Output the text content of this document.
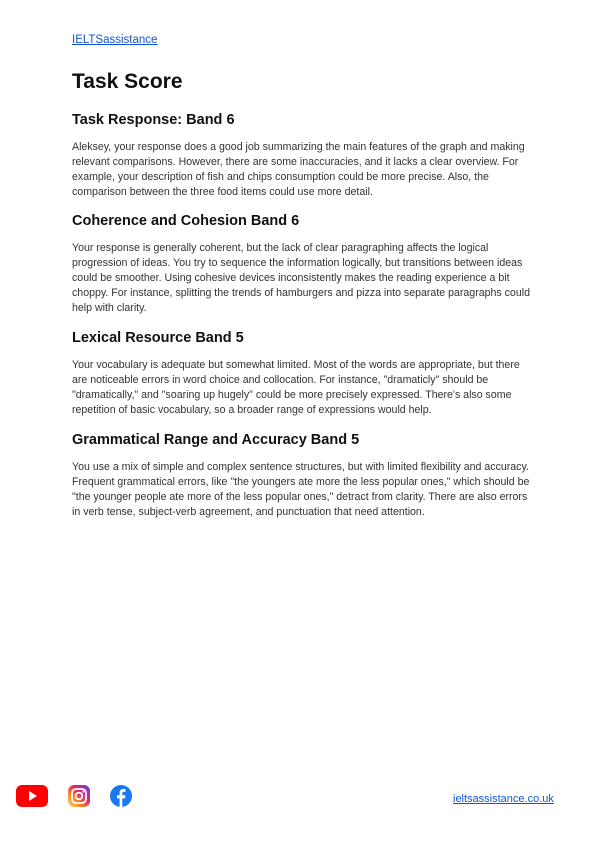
IELTSassistance
Task Score
Task Response: Band 6

Aleksey, your response does a good job summarizing the main features of the graph and making relevant comparisons. However, there are some inaccuracies, and it lacks a clear overview. For example, your description of fish and chips consumption could be more precise. Also, the comparison between the three food items could use more detail.

Coherence and Cohesion Band 6

Your response is generally coherent, but the lack of clear paragraphing affects the logical progression of ideas. You try to sequence the information logically, but transitions between ideas could be smoother. Using cohesive devices inconsistently makes the reading experience a bit choppy. For instance, splitting the trends of hamburgers and pizza into separate paragraphs could help with clarity.

Lexical Resource Band 5

Your vocabulary is adequate but somewhat limited. Most of the words are appropriate, but there are noticeable errors in word choice and collocation. For instance, "dramaticly" should be "dramatically," and "soaring up hugely" could be more precisely expressed. There's also some repetition of basic vocabulary, so a broader range of expressions would help.

Grammatical Range and Accuracy Band 5

You use a mix of simple and complex sentence structures, but with limited flexibility and accuracy. Frequent grammatical errors, like "the youngers ate more the less popular ones," which should be "the younger people ate more of the less popular ones," detract from clarity. There are also errors in verb tense, subject-verb agreement, and punctuation that need attention.

ieltsassistance.co.uk
